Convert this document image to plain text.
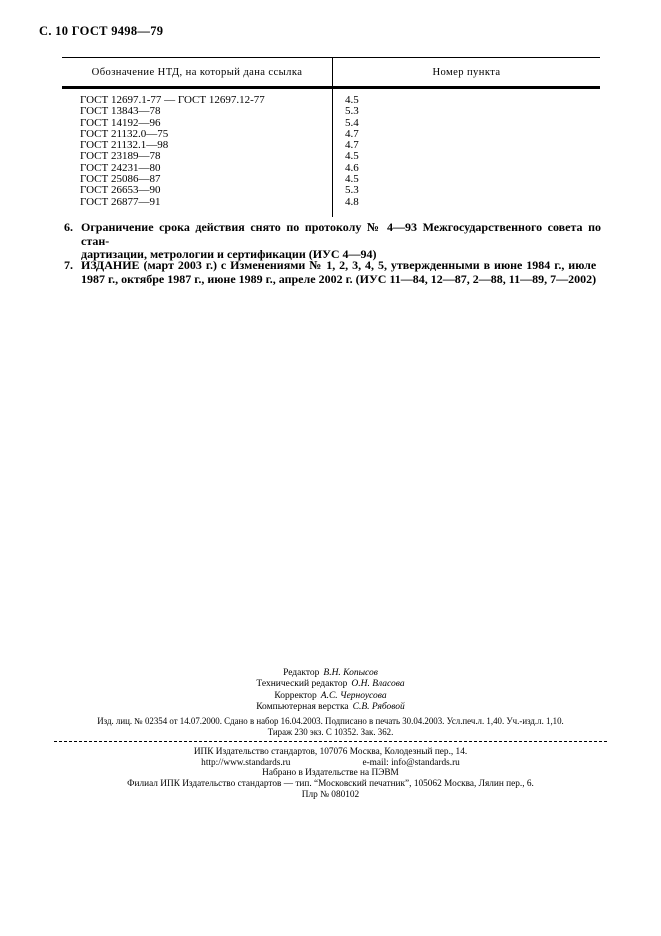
С. 10 ГОСТ 9498—79
Обозначение НТД, на который дана ссылка	Номер пункта
ГОСТ 12697.1-77 — ГОСТ 12697.12-77	4.5
ГОСТ 13843—78	5.3
ГОСТ 14192—96	5.4
ГОСТ 21132.0—75	4.7
ГОСТ 21132.1—98	4.7
ГОСТ 23189—78	4.5
ГОСТ 24231—80	4.6
ГОСТ 25086—87	4.5
ГОСТ 26653—90	5.3
ГОСТ 26877—91	4.8
6. Ограничение срока действия снято по протоколу № 4—93 Межгосударственного совета по стан-
дартизации, метрологии и сертификации (ИУС 4—94)
7. ИЗДАНИЕ (март 2003 г.) с Изменениями № 1, 2, 3, 4, 5, утвержденными в июне 1984 г., июле
1987 г., октябре 1987 г., июне 1989 г., апреле 2002 г. (ИУС 11—84, 12—87, 2—88, 11—89, 7—2002)
Редактор В.Н. Копысов
Технический редактор О.Н. Власова
Корректор А.С. Черноусова
Компьютерная верстка С.В. Рябовой
Изд. лиц. № 02354 от 14.07.2000. Сдано в набор 16.04.2003. Подписано в печать 30.04.2003. Усл.печ.л. 1,40. Уч.-изд.л. 1,10.
Тираж 230 экз. С 10352. Зак. 362.
ИПК Издательство стандартов, 107076 Москва, Колодезный пер., 14.
http://www.standards.ru	e-mail: info@standards.ru
Набрано в Издательстве на ПЭВМ
Филиал ИПК Издательство стандартов — тип. “Московский печатник”, 105062 Москва, Лялин пер., 6.
Плр № 080102
